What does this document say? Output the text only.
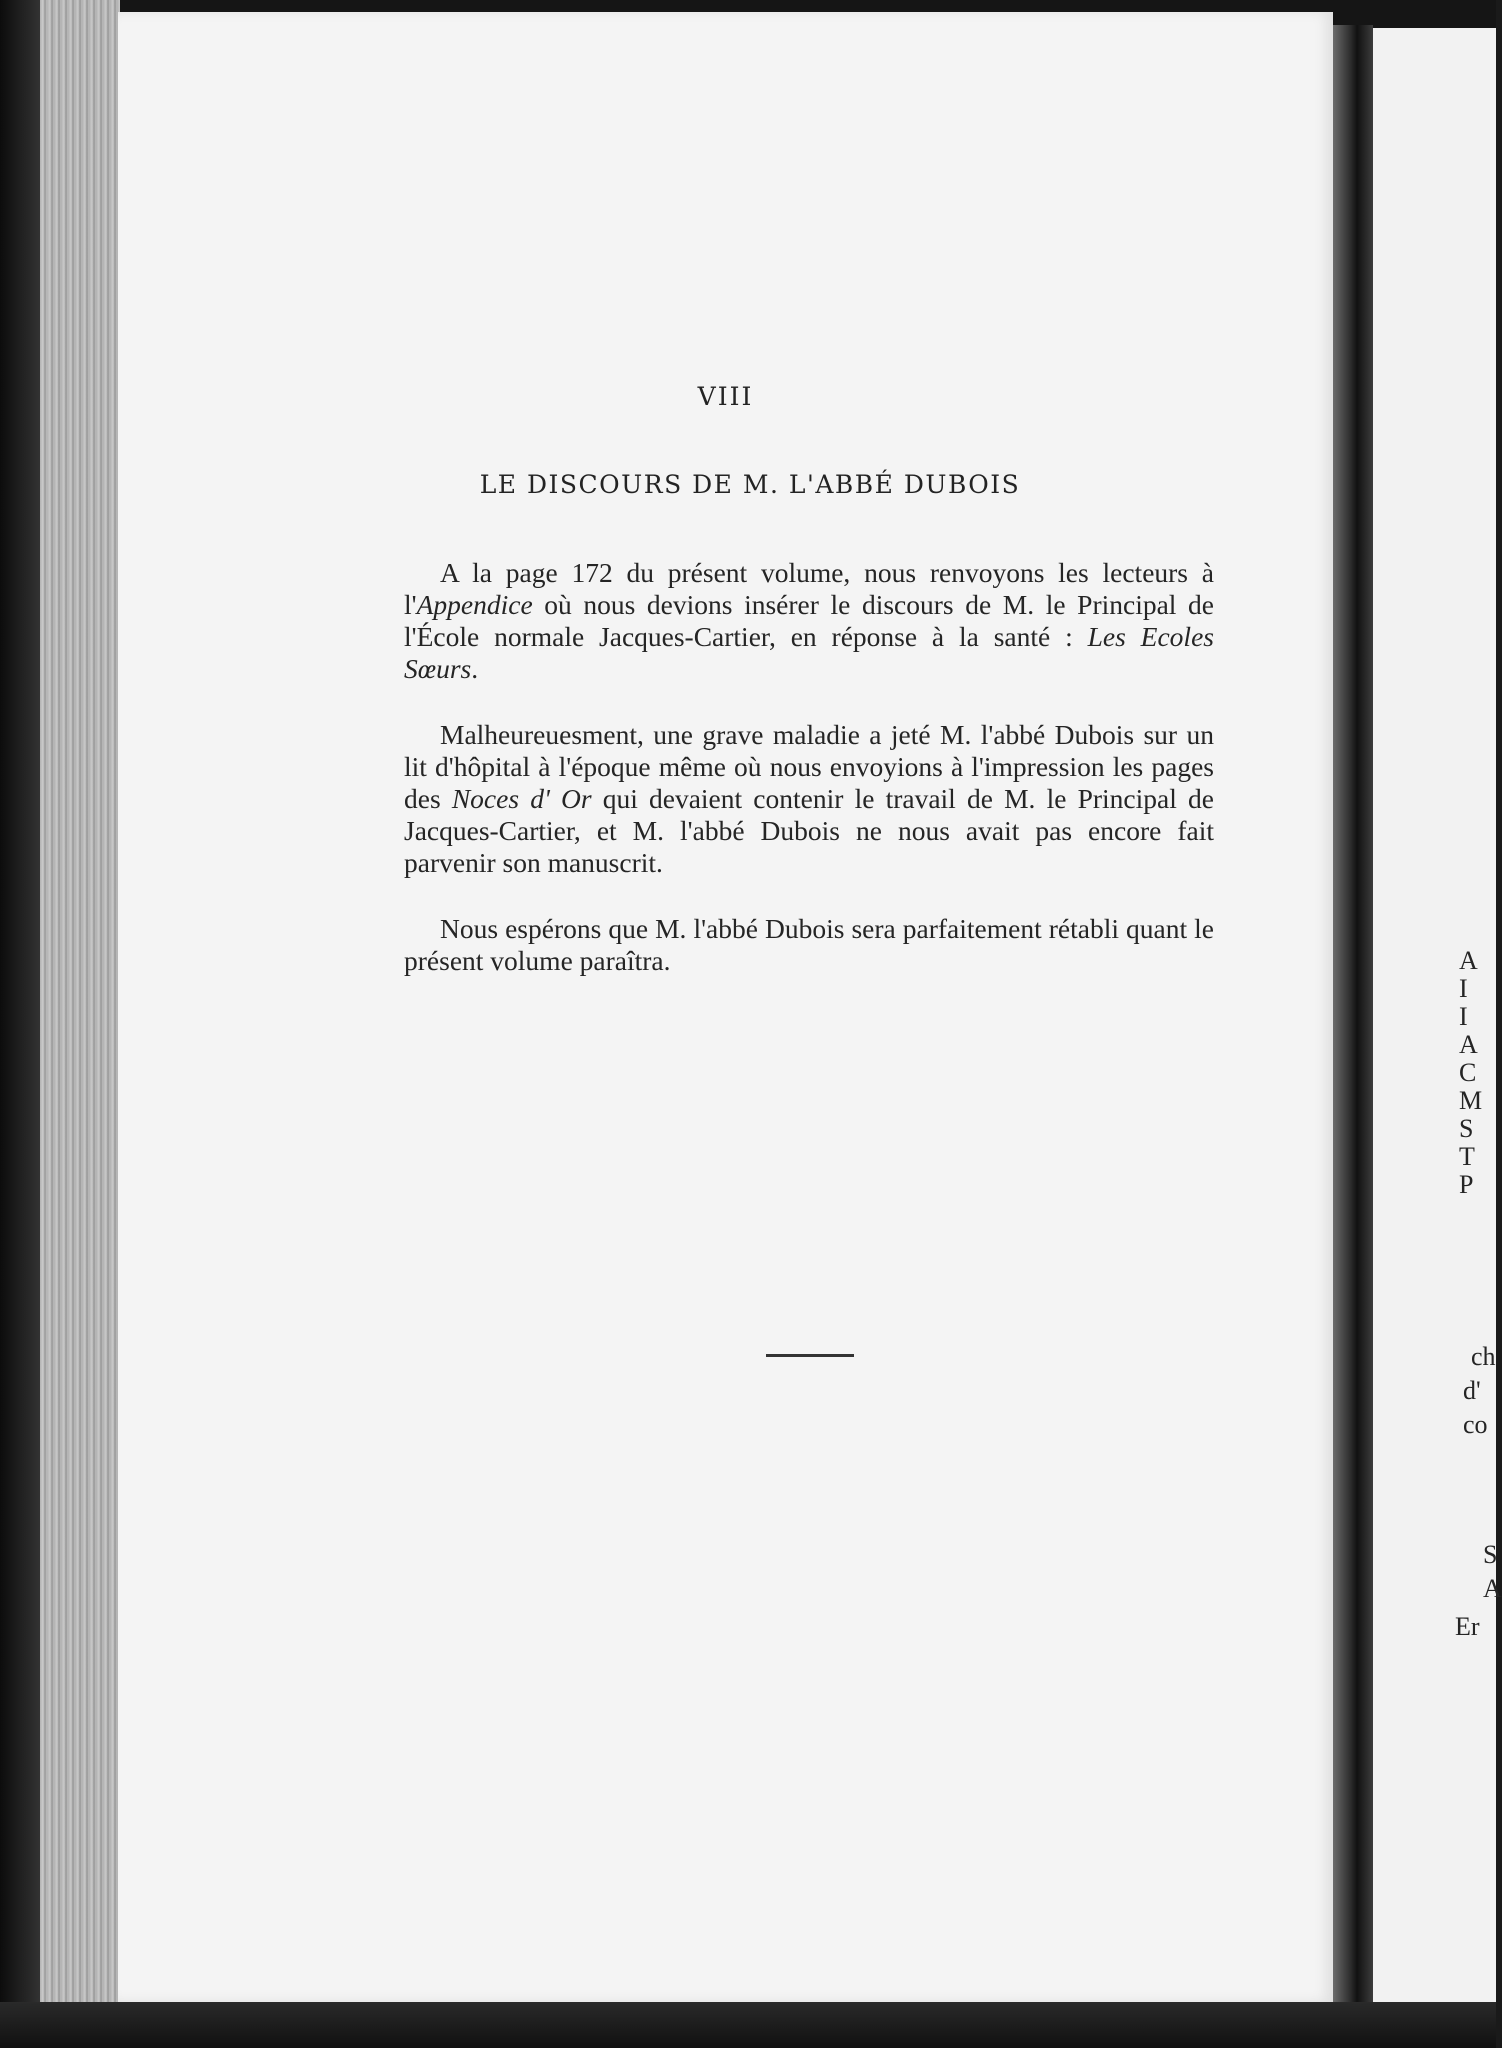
VIII
LE DISCOURS DE M. L'ABBÉ DUBOIS

A la page 172 du présent volume, nous renvoyons les lecteurs à l'Appendice où nous devions insérer le discours de M. le Principal de l'École normale Jacques-Cartier, en réponse à la santé : Les Ecoles Sœurs.

Malheureuesment, une grave maladie a jeté M. l'abbé Dubois sur un lit d'hôpital à l'époque même où nous envoyions à l'impression les pages des Noces d' Or qui devaient contenir le travail de M. le Principal de Jacques-Cartier, et M. l'abbé Dubois ne nous avait pas encore fait parvenir son manuscrit.

Nous espérons que M. l'abbé Dubois sera parfaitement rétabli quant le présent volume paraîtra.	A
I
I
A
C
M
S
T
P
ch
d'
co
S
A
Er
